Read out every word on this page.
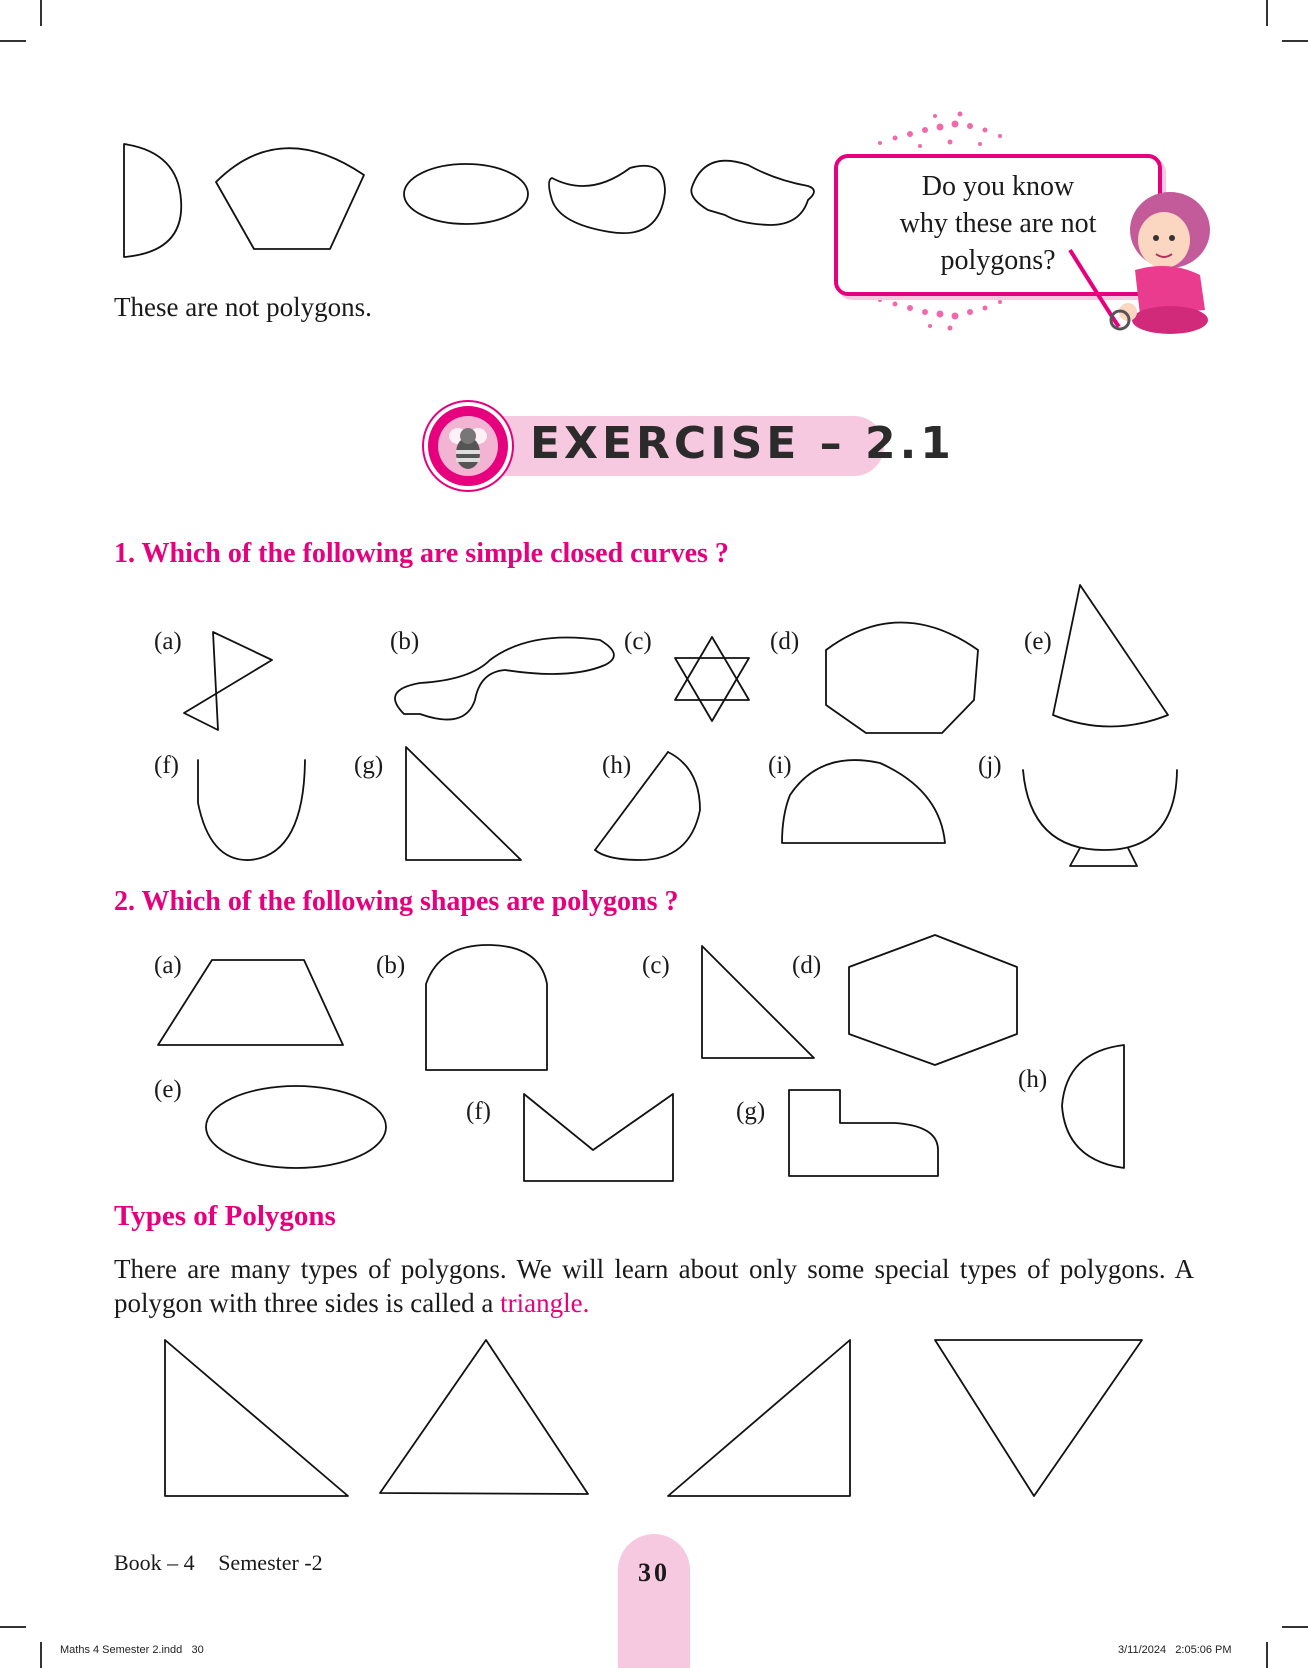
These are not polygons.
Do you know
why these are not
polygons?
EXERCISE – 2.1
1. Which of the following are simple closed curves ?
(a)	(b)	(c)	(d)	(e)
(f)	(g)	(h)	(i)	(j)
2. Which of the following shapes are polygons ?
(a)	(b)	(c)	(d)
(e)
(f)	(g)
(h)
Types of Polygons
There are many types of polygons. We will learn about only some special types of polygons. A polygon with three sides is called a triangle.
Book – 4 Semester -2	30
Maths 4 Semester 2.indd   30	3/11/2024   2:05:06 PM
